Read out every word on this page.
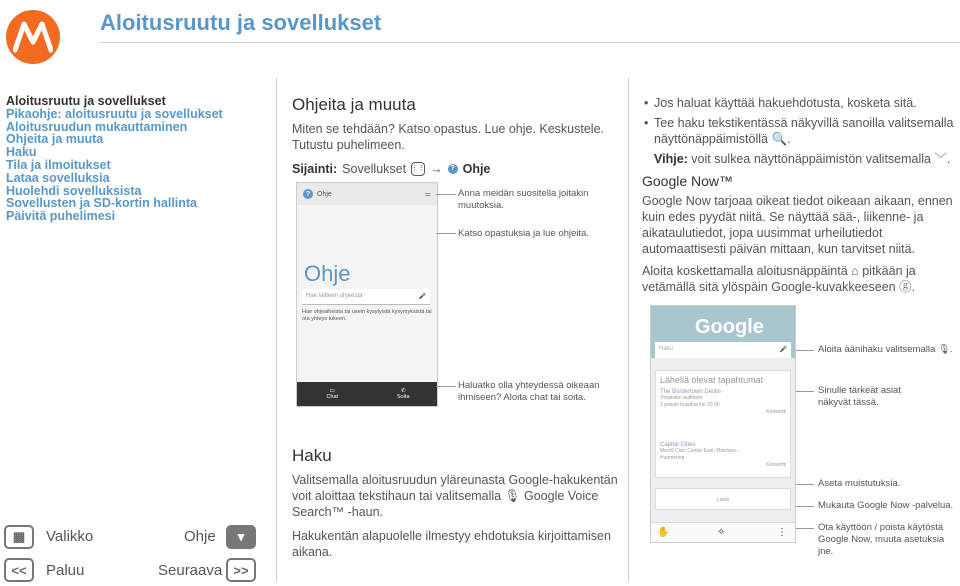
Aloitusruutu ja sovellukset
Aloitusruutu ja sovellukset
Pikaohje: aloitusruutu ja sovellukset
Aloitusruudun mukauttaminen
Ohjeita ja muuta
Haku
Tila ja ilmoitukset
Lataa sovelluksia
Huolehdi sovelluksista
Sovellusten ja SD-kortin hallinta
Päivitä puhelimesi
Ohjeita ja muuta
Miten se tehdään? Katso opastus. Lue ohje. Keskustele. Tutustu puhelimeen.
Sijainti: Sovellukset ⋮⋮ →	? Ohje
? Ohje	⚌
Ohje
Hae laitteen ohjeesta	🎤
Hae ohjeaiheista tai usein kysytyistä kysymyksistä tai ota yhteys tukeen.
▭
Chat
✆
Soita
Anna meidän suositella joitakin muutoksia.
Katso opastuksia ja lue ohjeita.
Haluatko olla yhteydessä oikeaan ihmiseen? Aloita chat tai soita.
Haku
Valitsemalla aloitusruudun yläreunasta Google-hakukentän voit aloittaa tekstihaun tai valitsemalla 🎙 Google Voice Search™ -haun.
Hakukentän alapuolelle ilmestyy ehdotuksia kirjoittamisen aikana.
• Jos haluat käyttää hakuehdotusta, kosketa sitä.
• Tee haku tekstikentässä näkyvillä sanoilla valitsemalla näyttönäppäimistöllä 🔍.
Vihje: voit sulkea näyttönäppäimistön valitsemalla ﹀.
Google Now™
Google Now tarjoaa oikeat tiedot oikeaan aikaan, ennen kuin edes pyydät niitä. Se näyttää sää-, liikenne- ja aikataulutiedot, jopa uusimmat urheilutiedot automaattisesti päivän mittaan, kun tarvitset niitä.
Aloita koskettamalla aloitusnäppäintä ⌂ pitkään ja vetämällä sitä ylöspäin Google-kuvakkeeseen ⓖ.
Google
Haku	🎤
Lähellä olevat tapahtumat
The Bordertown Devils
Yliopiston auditorio
3 päivän kuluttua klo 20.00
Konsertti
Capital Cities
Merrill Civic Center East, Morrison...
Huomenna
Konsertti
Lisää
✋	✧	⋮
Aloita äänihaku valitsemalla 🎙.
Sinulle tärkeät asiat näkyvät tässä.
Aseta muistutuksia.
Mukauta Google Now -palvelua.
Ota käyttöön / poista käytöstä Google Now, muuta asetuksia jne.
▦	Valikko	Ohje	▾
<<	Paluu	Seuraava >>
